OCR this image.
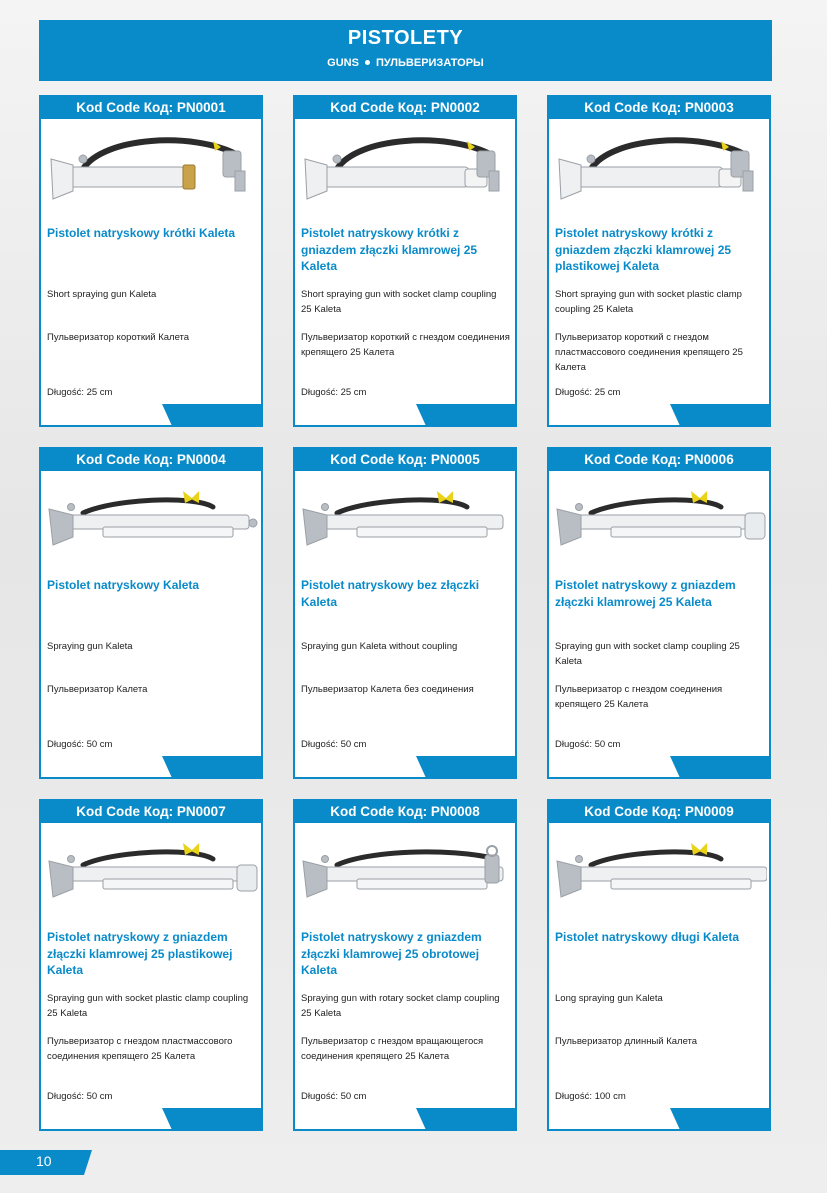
PISTOLETY
GUNS ПУЛЬВЕРИЗАТОРЫ
Kod Code Код: PN0001
Pistolet natryskowy krótki Kaleta
Short spraying gun Kaleta
Пульверизатор короткий Калета
Długość: 25 cm
Kod Code Код: PN0002
Pistolet natryskowy krótki z gniazdem złączki klamrowej 25 Kaleta
Short spraying gun with socket clamp coupling 25 Kaleta
Пульверизатор короткий с гнездом соединения крепящего 25 Калета
Długość: 25 cm
Kod Code Код: PN0003
Pistolet natryskowy krótki z gniazdem złączki klamrowej 25 plastikowej Kaleta
Short spraying gun with socket plastic clamp coupling 25 Kaleta
Пульверизатор короткий с гнездом пластмассового соединения крепящего 25 Калета
Długość: 25 cm
Kod Code Код: PN0004
Pistolet natryskowy Kaleta
Spraying gun Kaleta
Пульверизатор Калета
Długość: 50 cm
Kod Code Код: PN0005
Pistolet natryskowy bez złączki Kaleta
Spraying gun Kaleta without coupling
Пульверизатор Калета без соединения
Długość: 50 cm
Kod Code Код: PN0006
Pistolet natryskowy z gniazdem złączki klamrowej 25 Kaleta
Spraying gun with socket clamp coupling 25 Kaleta
Пульверизатор с гнездом соединения крепящего 25 Калета
Długość: 50 cm
Kod Code Код: PN0007
Pistolet natryskowy z gniazdem złączki klamrowej 25 plastikowej Kaleta
Spraying gun with socket plastic clamp coupling 25 Kaleta
Пульверизатор с гнездом пластмассового соединения крепящего 25 Калета
Długość: 50 cm
Kod Code Код: PN0008
Pistolet natryskowy z gniazdem złączki klamrowej 25 obrotowej Kaleta
Spraying gun with rotary socket clamp coupling 25 Kaleta
Пульверизатор с гнездом вращающегося соединения крепящего 25 Калета
Długość: 50 cm
Kod Code Код: PN0009
Pistolet natryskowy długi Kaleta
Long spraying gun Kaleta
Пульверизатор длинный Калета
Długość: 100 cm
10
